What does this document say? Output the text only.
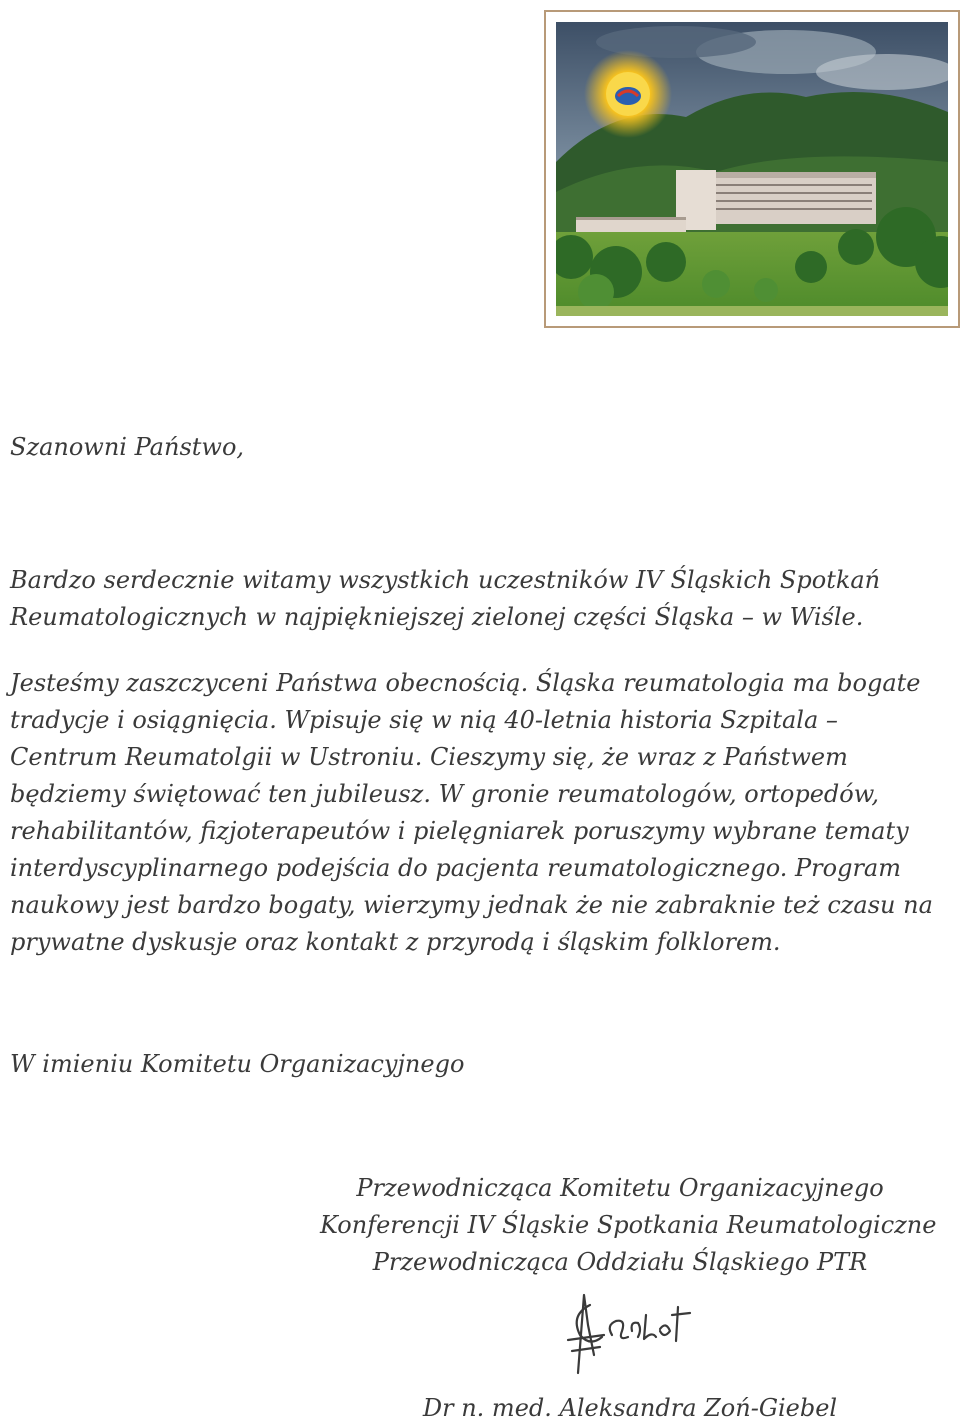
Szanowni Państwo,

Bardzo serdecznie witamy wszystkich uczestników IV Śląskich Spotkań Reumatologicznych w najpiękniejszej zielonej części Śląska – w Wiśle.

Jesteśmy zaszczyceni Państwa obecnością. Śląska reumatologia ma bogate tradycje i osiągnięcia. Wpisuje się w nią 40-letnia historia Szpitala – Centrum Reumatolgii w Ustroniu. Cieszymy się, że wraz z Państwem będziemy świętować ten jubileusz. W gronie reumatologów, ortopedów, rehabilitantów, fizjoterapeutów i pielęgniarek poruszymy wybrane tematy interdyscyplinarnego podejścia do pacjenta reumatologicznego. Program naukowy jest bardzo bogaty, wierzymy jednak że nie zabraknie też czasu na prywatne dyskusje oraz kontakt z przyrodą i śląskim folklorem.

W imieniu Komitetu Organizacyjnego
Przewodnicząca Komitetu Organizacyjnego
Konferencji IV Śląskie Spotkania Reumatologiczne
Przewodnicząca Oddziału Śląskiego PTR
Dr n. med. Aleksandra Zoń-Giebel
